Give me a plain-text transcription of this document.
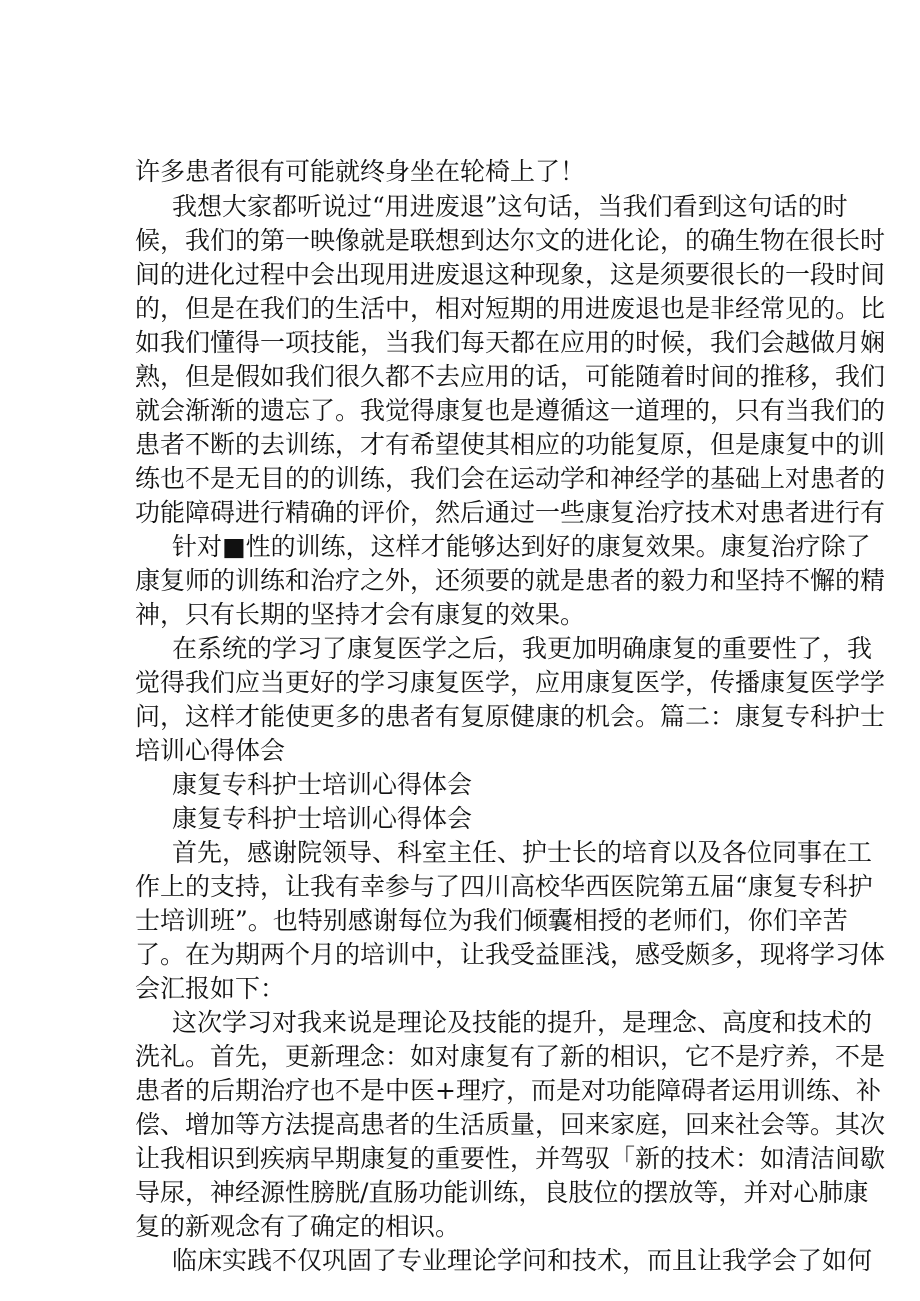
许多患者很有可能就终身坐在轮椅上了！
我想大家都听说过“用进废退”这句话，当我们看到这句话的时
候，我们的第一映像就是联想到达尔文的进化论，的确生物在很长时
间的进化过程中会出现用进废退这种现象，这是须要很长的一段时间
的，但是在我们的生活中，相对短期的用进废退也是非经常见的。比
如我们懂得一项技能，当我们每天都在应用的时候，我们会越做月娴
熟，但是假如我们很久都不去应用的话，可能随着时间的推移，我们
就会渐渐的遗忘了。我觉得康复也是遵循这一道理的，只有当我们的
患者不断的去训练，才有希望使其相应的功能复原，但是康复中的训
练也不是无目的的训练，我们会在运动学和神经学的基础上对患者的
功能障碍进行精确的评价，然后通过一些康复治疗技术对患者进行有
针对■性的训练，这样才能够达到好的康复效果。康复治疗除了
康复师的训练和治疗之外，还须要的就是患者的毅力和坚持不懈的精
神，只有长期的坚持才会有康复的效果。
在系统的学习了康复医学之后，我更加明确康复的重要性了，我
觉得我们应当更好的学习康复医学，应用康复医学，传播康复医学学
问，这样才能使更多的患者有复原健康的机会。篇二：康复专科护士
培训心得体会
康复专科护士培训心得体会
康复专科护士培训心得体会
首先，感谢院领导、科室主任、护士长的培育以及各位同事在工
作上的支持，让我有幸参与了四川高校华西医院第五届“康复专科护
士培训班”。也特别感谢每位为我们倾囊相授的老师们，你们辛苦
了。在为期两个月的培训中，让我受益匪浅，感受颇多，现将学习体
会汇报如下：
这次学习对我来说是理论及技能的提升，是理念、高度和技术的
洗礼。首先，更新理念：如对康复有了新的相识，它不是疗养，不是
患者的后期治疗也不是中医+理疗，而是对功能障碍者运用训练、补
偿、增加等方法提高患者的生活质量，回来家庭，回来社会等。其次
让我相识到疾病早期康复的重要性，并驾驭「新的技术：如清洁间歇
导尿，神经源性膀胱/直肠功能训练，良肢位的摆放等，并对心肺康
复的新观念有了确定的相识。
临床实践不仅巩固了专业理论学问和技术，而且让我学会了如何
